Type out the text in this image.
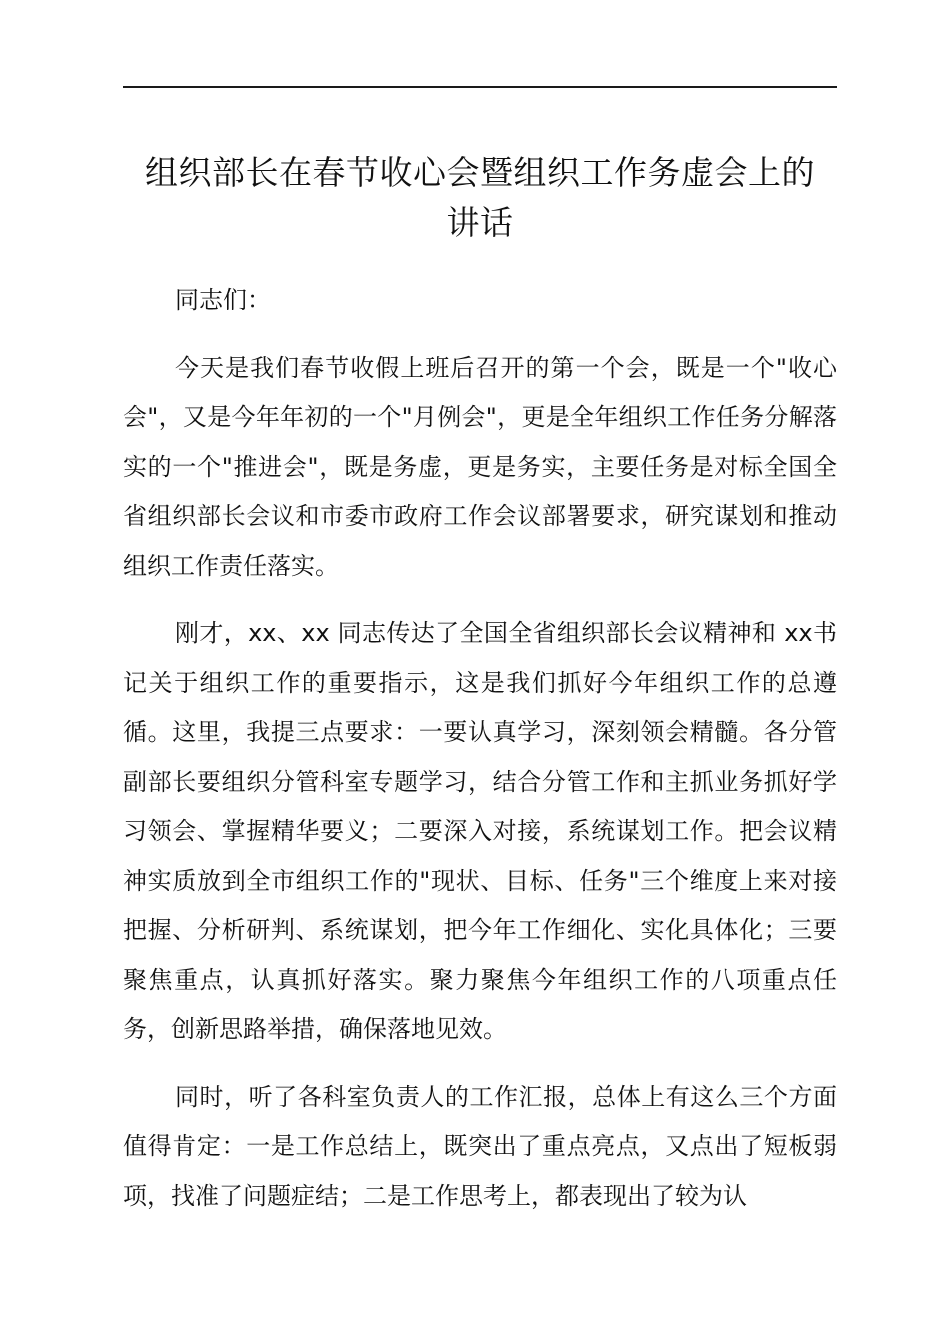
组织部长在春节收心会暨组织工作务虚会上的
讲话

同志们：

今天是我们春节收假上班后召开的第一个会，既是一个"收心会"，又是今年年初的一个"月例会"，更是全年组织工作任务分解落实的一个"推进会"，既是务虚，更是务实，主要任务是对标全国全省组织部长会议和市委市政府工作会议部署要求，研究谋划和推动组织工作责任落实。

刚才，xx、xx 同志传达了全国全省组织部长会议精神和 xx书记关于组织工作的重要指示，这是我们抓好今年组织工作的总遵循。这里，我提三点要求：一要认真学习，深刻领会精髓。各分管副部长要组织分管科室专题学习，结合分管工作和主抓业务抓好学习领会、掌握精华要义；二要深入对接，系统谋划工作。把会议精神实质放到全市组织工作的"现状、目标、任务"三个维度上来对接把握、分析研判、系统谋划，把今年工作细化、实化具体化；三要聚焦重点，认真抓好落实。聚力聚焦今年组织工作的八项重点任务，创新思路举措，确保落地见效。

同时，听了各科室负责人的工作汇报，总体上有这么三个方面值得肯定：一是工作总结上，既突出了重点亮点，又点出了短板弱项，找准了问题症结；二是工作思考上，都表现出了较为认
